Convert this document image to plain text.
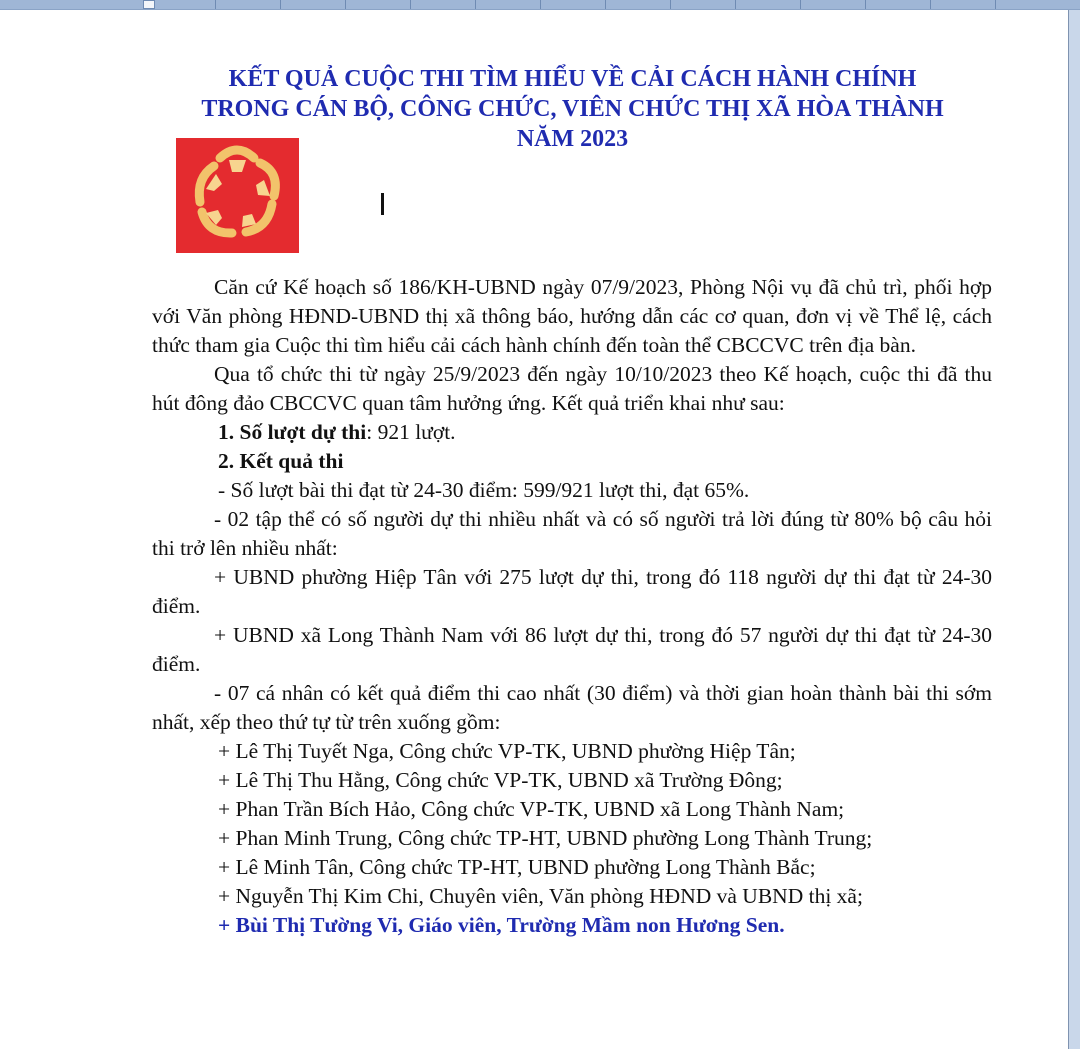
KẾT QUẢ CUỘC THI TÌM HIỂU VỀ CẢI CÁCH HÀNH CHÍNH
TRONG CÁN BỘ, CÔNG CHỨC, VIÊN CHỨC THỊ XÃ HÒA THÀNH
NĂM 2023

Căn cứ Kế hoạch số 186/KH-UBND ngày 07/9/2023, Phòng Nội vụ đã chủ trì, phối hợp với Văn phòng HĐND-UBND thị xã thông báo, hướng dẫn các cơ quan, đơn vị về Thể lệ, cách thức tham gia Cuộc thi tìm hiểu cải cách hành chính đến toàn thể CBCCVC trên địa bàn.

Qua tổ chức thi từ ngày 25/9/2023 đến ngày 10/10/2023 theo Kế hoạch, cuộc thi đã thu hút đông đảo CBCCVC quan tâm hưởng ứng. Kết quả triển khai như sau:

1. Số lượt dự thi: 921 lượt.

2. Kết quả thi

- Số lượt bài thi đạt từ 24-30 điểm: 599/921 lượt thi, đạt 65%.

- 02 tập thể có số người dự thi nhiều nhất và có số người trả lời đúng từ 80% bộ câu hỏi thi trở lên nhiều nhất:

+ UBND phường Hiệp Tân với 275 lượt dự thi, trong đó 118 người dự thi đạt từ 24-30 điểm.

+ UBND xã Long Thành Nam với 86 lượt dự thi, trong đó 57 người dự thi đạt từ 24-30 điểm.

- 07 cá nhân có kết quả điểm thi cao nhất (30 điểm) và thời gian hoàn thành bài thi sớm nhất, xếp theo thứ tự từ trên xuống gồm:

+ Lê Thị Tuyết Nga, Công chức VP-TK, UBND phường Hiệp Tân;

+ Lê Thị Thu Hằng, Công chức VP-TK, UBND xã Trường Đông;

+ Phan Trần Bích Hảo, Công chức VP-TK, UBND xã Long Thành Nam;

+ Phan Minh Trung, Công chức TP-HT, UBND phường Long Thành Trung;

+ Lê Minh Tân, Công chức TP-HT, UBND phường Long Thành Bắc;

+ Nguyễn Thị Kim Chi, Chuyên viên, Văn phòng HĐND và UBND thị xã;

+ Bùi Thị Tường Vi, Giáo viên, Trường Mầm non Hương Sen.
